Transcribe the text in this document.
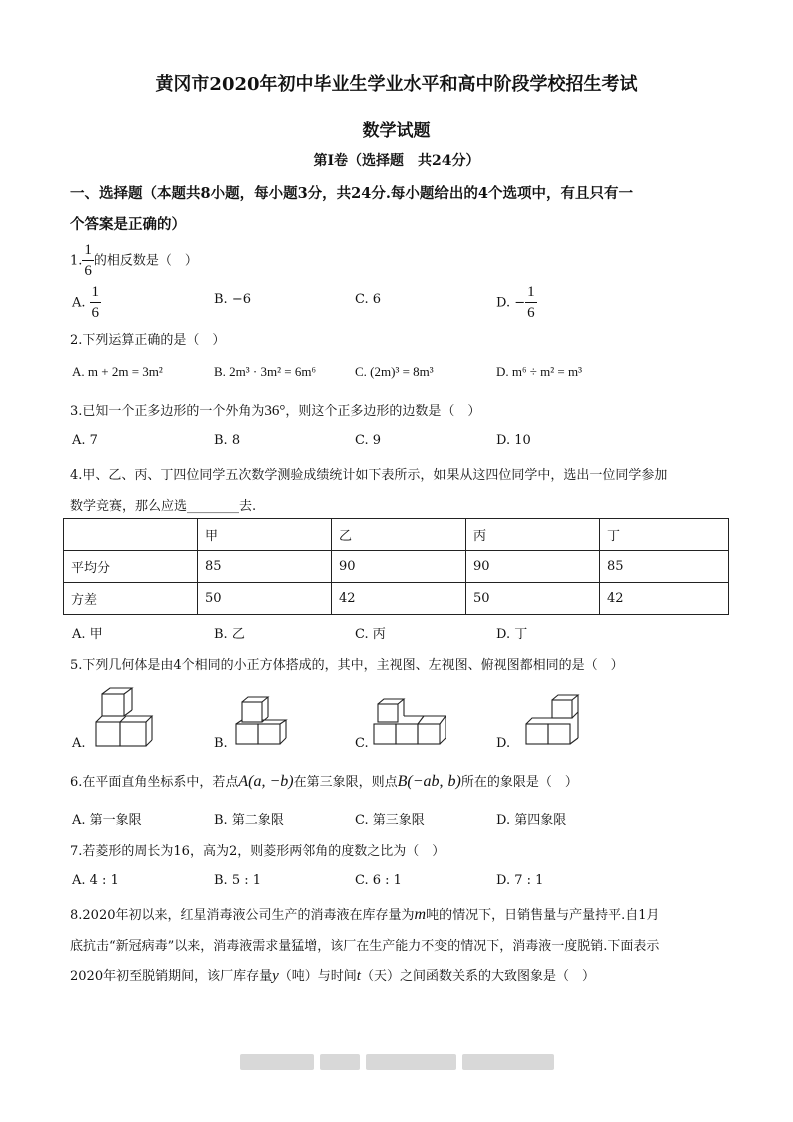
黄冈市2020年初中毕业生学业水平和高中阶段学校招生考试
数学试题
第Ⅰ卷（选择题　共24分）
一、选择题（本题共8小题，每小题3分，共24分.每小题给出的4个选项中，有且只有一
个答案是正确的）
1. $\frac{1}{6}$ 的相反数是（　）
A. $\frac{1}{6}$	B. −6	C. 6	D. − $\frac{1}{6}$
2.下列运算正确的是（　）
A. m + 2m = 3m²	B. 2m³ · 3m² = 6m⁶	C. (2m)³ = 8m³	D. m⁶ ÷ m² = m³
3.已知一个正多边形的一个外角为36°，则这个正多边形的边数是（　）
A. 7	B. 8	C. 9	D. 10
4.甲、乙、丙、丁四位同学五次数学测验成绩统计如下表所示，如果从这四位同学中，选出一位同学参加
数学竞赛，那么应选________去.
	甲	乙	丙	丁
平均分	85	90	90	85
方差	50	42	50	42
A. 甲	B. 乙	C. 丙	D. 丁
5.下列几何体是由4个相同的小正方体搭成的，其中，主视图、左视图、俯视图都相同的是（　）
A.	B.	C.	D.
6.在平面直角坐标系中，若点A(a, −b)在第三象限，则点B(−ab, b)所在的象限是（　）
A. 第一象限	B. 第二象限	C. 第三象限	D. 第四象限
7.若菱形的周长为16，高为2，则菱形两邻角的度数之比为（　）
A. 4 : 1	B. 5 : 1	C. 6 : 1	D. 7 : 1
8.2020年初以来，红星消毒液公司生产的消毒液在库存量为m吨的情况下，日销售量与产量持平.自1月
底抗击“新冠病毒”以来，消毒液需求量猛增，该厂在生产能力不变的情况下，消毒液一度脱销.下面表示
2020年初至脱销期间，该厂库存量y（吨）与时间t（天）之间函数关系的大致图象是（　）
